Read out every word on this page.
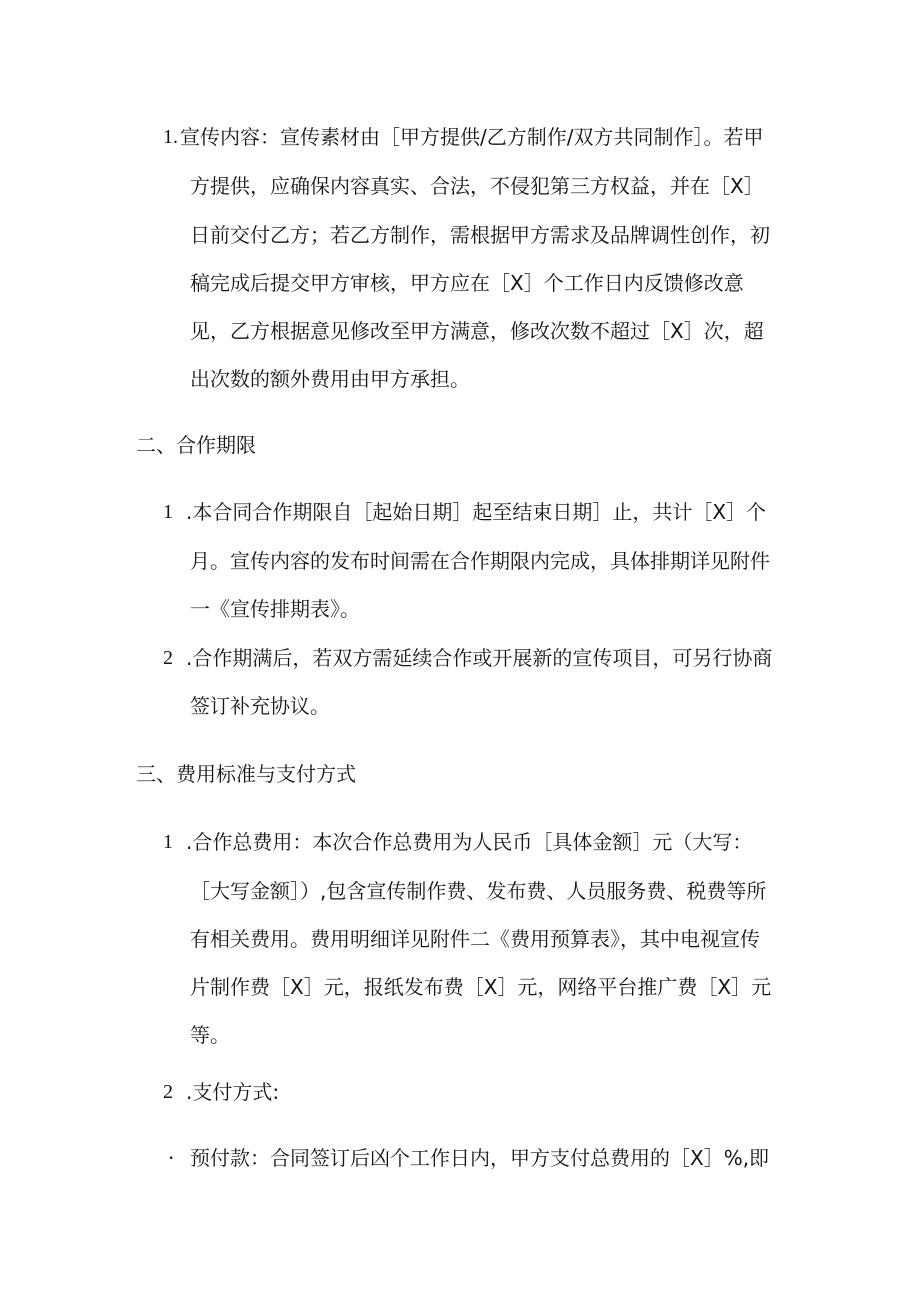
1. 宣传内容：宣传素材由［甲方提供/乙方制作/双方共同制作］。若甲
方提供，应确保内容真实、合法，不侵犯第三方权益，并在［X］
日前交付乙方；若乙方制作，需根据甲方需求及品牌调性创作，初
稿完成后提交甲方审核，甲方应在［X］个工作日内反馈修改意
见，乙方根据意见修改至甲方满意，修改次数不超过［X］次，超
出次数的额外费用由甲方承担。
二、合作期限
1 .本合同合作期限自［起始日期］起至结束日期］止，共计［X］个
月。宣传内容的发布时间需在合作期限内完成，具体排期详见附件
一《宣传排期表》。
2 .合作期满后，若双方需延续合作或开展新的宣传项目，可另行协商
签订补充协议。
三、费用标准与支付方式
1 .合作总费用：本次合作总费用为人民币［具体金额］元（大写：
［大写金额］）,包含宣传制作费、发布费、人员服务费、税费等所
有相关费用。费用明细详见附件二《费用预算表》，其中电视宣传
片制作费［X］元，报纸发布费［X］元，网络平台推广费［X］元
等。
2 .支付方式:
· 预付款：合同签订后凶个工作日内，甲方支付总费用的［X］%,即
